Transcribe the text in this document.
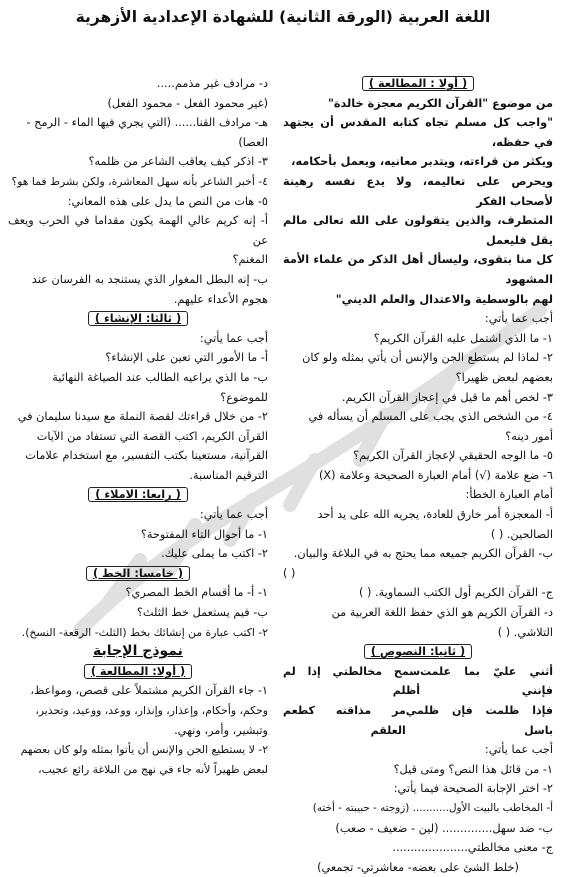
اللغة العربية (الورقة الثانية) للشهادة الإعدادية الأزهرية

( أولا : المطالعة )

من موضوع "القرآن الكريم معجزة خالدة"

"واجب كل مسلم تجاه كتابه المقدس أن يجتهد في حفظه،

ويكثر من قراءته، ويتدبر معانيه، ويعمل بأحكامه،

ويحرص على تعاليمه، ولا يدع نفسه رهينة لأصحاب الفكر

المتطرف، والذين يتقولون على الله تعالى مالم يقل فليعمل

كل منا بتقوى، وليسأل أهل الذكر من علماء الأمة المشهود

لهم بالوسطية والاعتدال والعلم الديني"

أجب عما يأتي:

١- ما الذي اشتمل عليه القرآن الكريم؟

٢- لماذا لم يستطع الجن والإنس أن يأتي بمثله ولو كان

بعضهم لبعض ظهيرا؟

٣- لخص أهم ما قيل في إعجاز القرآن الكريم.

٤- من الشخص الذي يجب على المسلم أن يسأله في

أمور دينه؟

٥- ما الوجه الحقيقي لإعجاز القرآن الكريم؟

٦- ضع علامة (√) أمام العبارة الصحيحة وعلامة (X)

أمام العبارة الخطأ:

أ- المعجزة أمر خارق للعادة، يجريه الله على يد أحد

الصالحين. ( )

ب- القرآن الكريم جميعه مما يحتج به في البلاغة والبيان.

( )

ج- القرآن الكريم أول الكتب السماوية. ( )

د- القرآن الكريم هو الذي حفظ اللغة العربية من

التلاشي. ( )

( ثانيا: النصوص )

أثني عليّ بما علمت فإنني
سمح مخالطتي إذا لم أظلم
فإذا ظلمت فإن ظلمي باسل
مر مذاقته كطعم العلقم

أجب عما يأتي:

١- من قائل هذا النص؟ ومتى قيل؟

٢- اختر الإجابة الصحيحة فيما يأتي:

أ- المخاطب بالبيت الأول........... (زوجته - حبيبته - أخته)

ب- ضد سهل.............. (لين - ضعيف - صعب)

ج- معنى مخالطتي.....................

(خلط الشئ على بعضه- معاشرتي- تجمعي)

د- مرادف غير مذمم.....

(غير محمود الفعل - محمود الفعل)

هـ- مرادف القنا...... (التي يجري فيها الماء - الرمح -

العصا)

٣- اذكر كيف يعاقب الشاعر من ظلمه؟

٤- أخبر الشاعر بأنه سهل المعاشرة، ولكن بشرط فما هو؟

٥- هات من النص ما يدل على هذه المعاني:

أ- إنه كريم عالي الهمة يكون مقداما في الحرب ويعف عن

المغنم؟

ب- إنه البطل المغوار الذي يستنجد به الفرسان عند

هجوم الأعداء عليهم.

( ثالثا: الإنشاء )

أجب عما يأتي:

أ- ما الأمور التي تعين على الإنشاء؟

ب- ما الذي يراعيه الطالب عند الصياغة النهائية

للموضوع؟

٢- من خلال قراءتك لقصة النملة مع سيدنا سليمان في

القرآن الكريم، اكتب القصة التي تستفاد من الآيات

القرآنية، مستعينا بكتب التفسير، مع استخدام علامات

الترقيم المناسبة.

( رابعا: الاملاء )

أجب عما يأتي:

١- ما أحوال التاء المفتوحة؟

٢- اكتب ما يملى عليك.

( خامسا: الخط )

١- أ- ما أقسام الخط المصري؟

ب- فيم يستعمل خط الثلث؟

٢- اكتب عبارة من إنشائك بخط (الثلث- الرقعة- النسخ).

نموذج الإجابة

( أولا: المطالعة )

١- جاء القرآن الكريم مشتملاً على قصص، ومواعظ،

وحكم، وأحكام، وإعذار، وإنذار، ووعد، ووعيد، وتحذير،

وتبشير، وأمر، ونهي.

٢- لا يستطيع الجن والإنس أن يأتوا بمثله ولو كان بعضهم

لبعض ظهيراً لأنه جاء في نهج من البلاغة رائع عجيب،
